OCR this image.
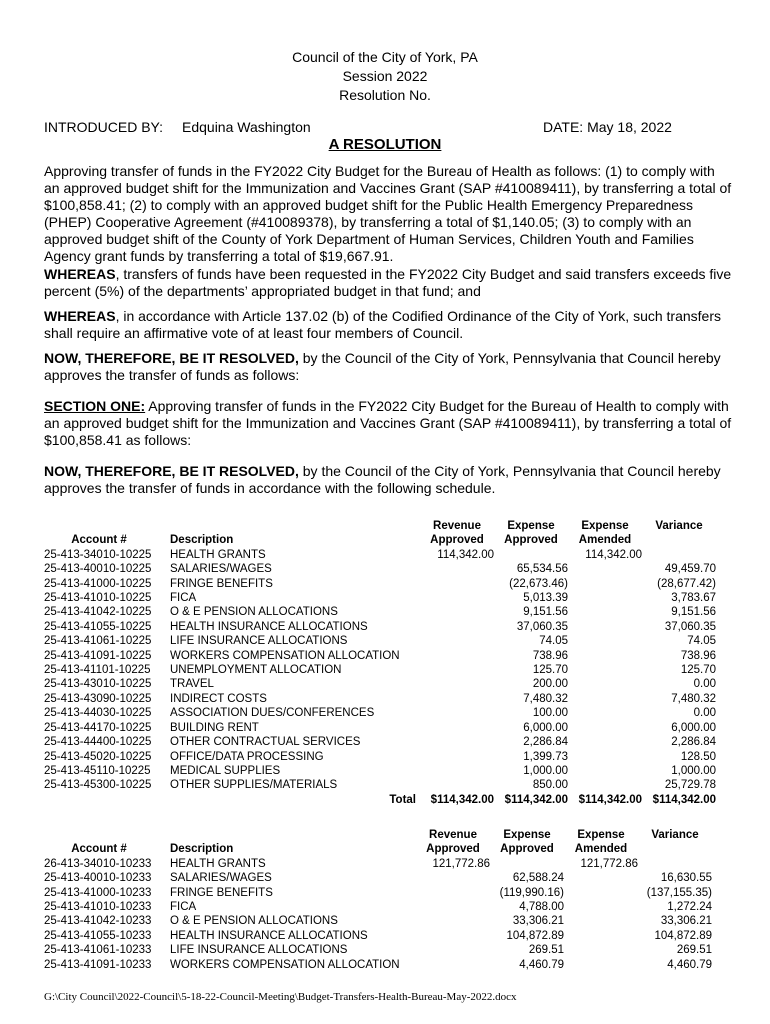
Council of the City of York, PA
Session 2022
Resolution No.
INTRODUCED BY: Edquina Washington	DATE: May 18, 2022
A RESOLUTION
Approving transfer of funds in the FY2022 City Budget for the Bureau of Health as follows: (1) to comply with an approved budget shift for the Immunization and Vaccines Grant (SAP #410089411), by transferring a total of $100,858.41; (2) to comply with an approved budget shift for the Public Health Emergency Preparedness (PHEP) Cooperative Agreement (#410089378), by transferring a total of $1,140.05; (3) to comply with an approved budget shift of the County of York Department of Human Services, Children Youth and Families Agency grant funds by transferring a total of $19,667.91.
WHEREAS, transfers of funds have been requested in the FY2022 City Budget and said transfers exceeds five percent (5%) of the departments’ appropriated budget in that fund; and
WHEREAS, in accordance with Article 137.02 (b) of the Codified Ordinance of the City of York, such transfers shall require an affirmative vote of at least four members of Council.
NOW, THEREFORE, BE IT RESOLVED, by the Council of the City of York, Pennsylvania that Council hereby approves the transfer of funds as follows:
SECTION ONE: Approving transfer of funds in the FY2022 City Budget for the Bureau of Health to comply with an approved budget shift for the Immunization and Vaccines Grant (SAP #410089411), by transferring a total of $100,858.41 as follows:
NOW, THEREFORE, BE IT RESOLVED, by the Council of the City of York, Pennsylvania that Council hereby approves the transfer of funds in accordance with the following schedule.
		Revenue	Expense	Expense	Variance

Account #	Description	Approved	Approved	Amended	
25-413-34010-10225	HEALTH GRANTS	114,342.00		114,342.00	
25-413-40010-10225	SALARIES/WAGES		65,534.56		49,459.70
25-413-41000-10225	FRINGE BENEFITS		(22,673.46)		(28,677.42)
25-413-41010-10225	FICA		5,013.39		3,783.67
25-413-41042-10225	O & E PENSION ALLOCATIONS		9,151.56		9,151.56
25-413-41055-10225	HEALTH INSURANCE ALLOCATIONS		37,060.35		37,060.35
25-413-41061-10225	LIFE INSURANCE ALLOCATIONS		74.05		74.05
25-413-41091-10225	WORKERS COMPENSATION ALLOCATION		738.96		738.96
25-413-41101-10225	UNEMPLOYMENT ALLOCATION		125.70		125.70
25-413-43010-10225	TRAVEL		200.00		0.00
25-413-43090-10225	INDIRECT COSTS		7,480.32		7,480.32
25-413-44030-10225	ASSOCIATION DUES/CONFERENCES		100.00		0.00
25-413-44170-10225	BUILDING RENT		6,000.00		6,000.00
25-413-44400-10225	OTHER CONTRACTUAL SERVICES		2,286.84		2,286.84
25-413-45020-10225	OFFICE/DATA PROCESSING		1,399.73		128.50
25-413-45110-10225	MEDICAL SUPPLIES		1,000.00		1,000.00
25-413-45300-10225	OTHER SUPPLIES/MATERIALS		850.00		25,729.78
	Total	$114,342.00	$114,342.00	$114,342.00	$114,342.00
		Revenue	Expense	Expense	Variance

Account #	Description	Approved	Approved	Amended	
26-413-34010-10233	HEALTH GRANTS	121,772.86		121,772.86	
25-413-40010-10233	SALARIES/WAGES		62,588.24		16,630.55
25-413-41000-10233	FRINGE BENEFITS		(119,990.16)		(137,155.35)
25-413-41010-10233	FICA		4,788.00		1,272.24
25-413-41042-10233	O & E PENSION ALLOCATIONS		33,306.21		33,306.21
25-413-41055-10233	HEALTH INSURANCE ALLOCATIONS		104,872.89		104,872.89
25-413-41061-10233	LIFE INSURANCE ALLOCATIONS		269.51		269.51
25-413-41091-10233	WORKERS COMPENSATION ALLOCATION		4,460.79		4,460.79
G:\City Council\2022-Council\5-18-22-Council-Meeting\Budget-Transfers-Health-Bureau-May-2022.docx
